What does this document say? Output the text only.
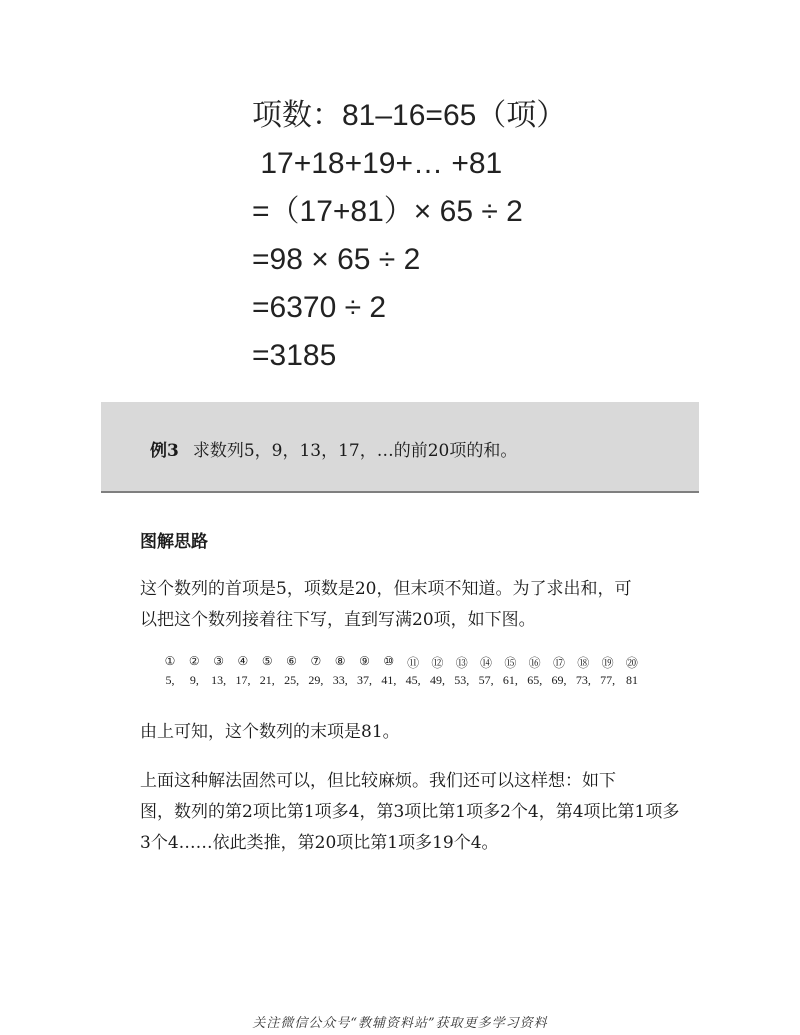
项数：81–16=65（项）
17+18+19+… +81
=（17+81）× 65 ÷ 2
=98 × 65 ÷ 2
=6370 ÷ 2
=3185
例3 求数列5，9，13，17，…的前20项的和。
图解思路
这个数列的首项是5，项数是20，但末项不知道。为了求出和，可
以把这个数列接着往下写，直到写满20项，如下图。
①	②	③	④	⑤	⑥	⑦	⑧	⑨	⑩	⑪	⑫	⑬	⑭	⑮	⑯	⑰	⑱	⑲	⑳
5,	9,	13, 17, 21, 25, 29, 33, 37, 41, 45, 49, 53, 57, 61, 65, 69, 73, 77, 81
由上可知，这个数列的末项是81。
上面这种解法固然可以，但比较麻烦。我们还可以这样想：如下
图，数列的第2项比第1项多4，第3项比第1项多2个4，第4项比第1项多
3个4……依此类推，第20项比第1项多19个4。
关注微信公众号“教辅资料站”获取更多学习资料
